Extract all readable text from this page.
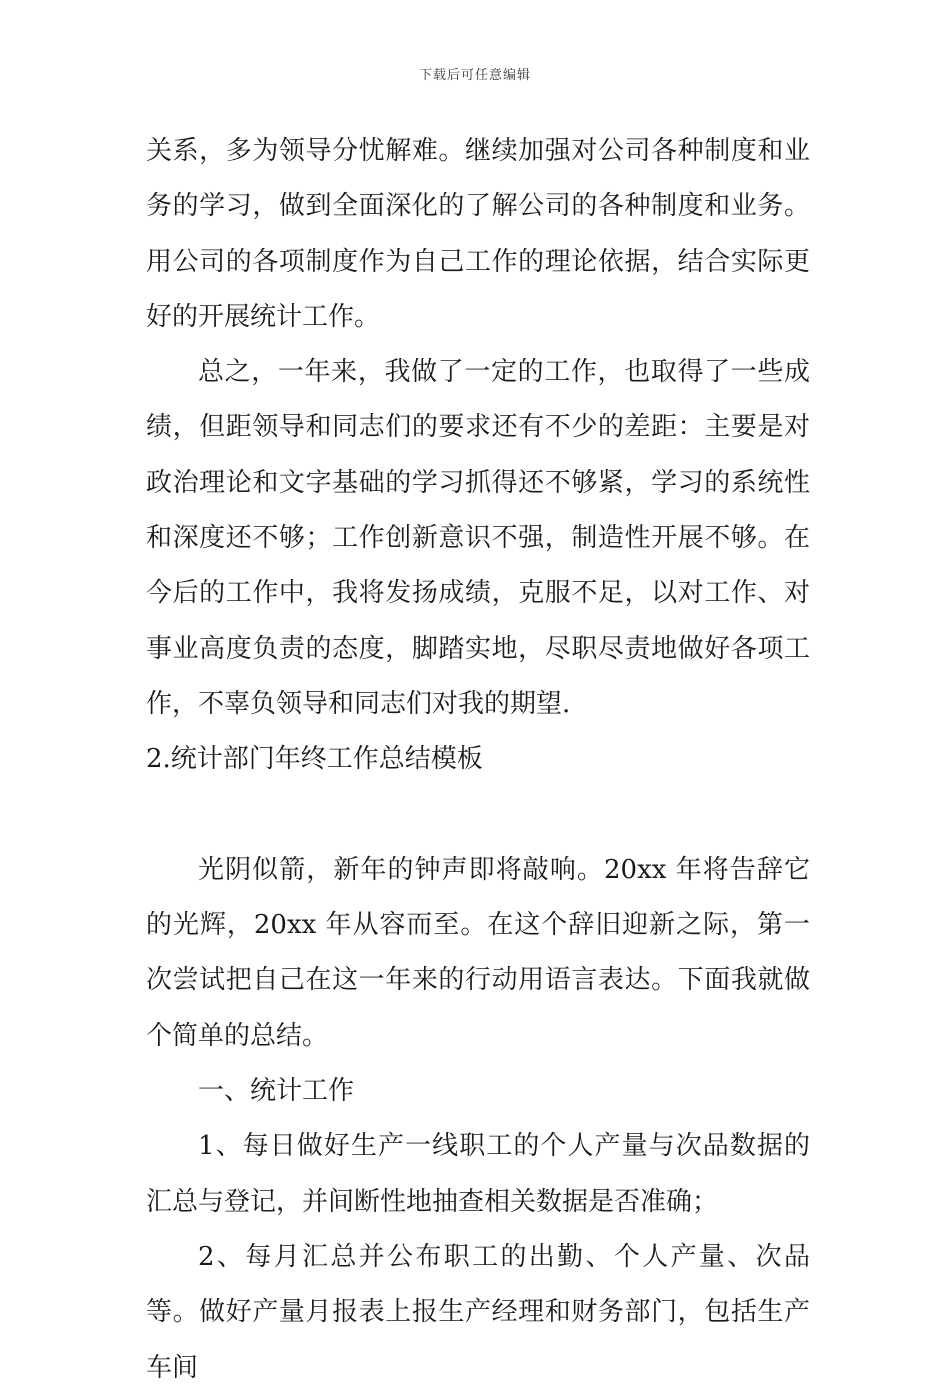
下载后可任意编辑

关系，多为领导分忧解难。继续加强对公司各种制度和业务的学习，做到全面深化的了解公司的各种制度和业务。用公司的各项制度作为自己工作的理论依据，结合实际更好的开展统计工作。

总之，一年来，我做了一定的工作，也取得了一些成绩，但距领导和同志们的要求还有不少的差距：主要是对政治理论和文字基础的学习抓得还不够紧，学习的系统性和深度还不够；工作创新意识不强，制造性开展不够。在今后的工作中，我将发扬成绩，克服不足，以对工作、对事业高度负责的态度，脚踏实地，尽职尽责地做好各项工作，不辜负领导和同志们对我的期望.

2.统计部门年终工作总结模板

光阴似箭，新年的钟声即将敲响。20xx 年将告辞它的光辉，20xx 年从容而至。在这个辞旧迎新之际，第一次尝试把自己在这一年来的行动用语言表达。下面我就做个简单的总结。

一、统计工作

1、每日做好生产一线职工的个人产量与次品数据的汇总与登记，并间断性地抽查相关数据是否准确；

2、每月汇总并公布职工的出勤、个人产量、次品等。做好产量月报表上报生产经理和财务部门，包括生产车间
